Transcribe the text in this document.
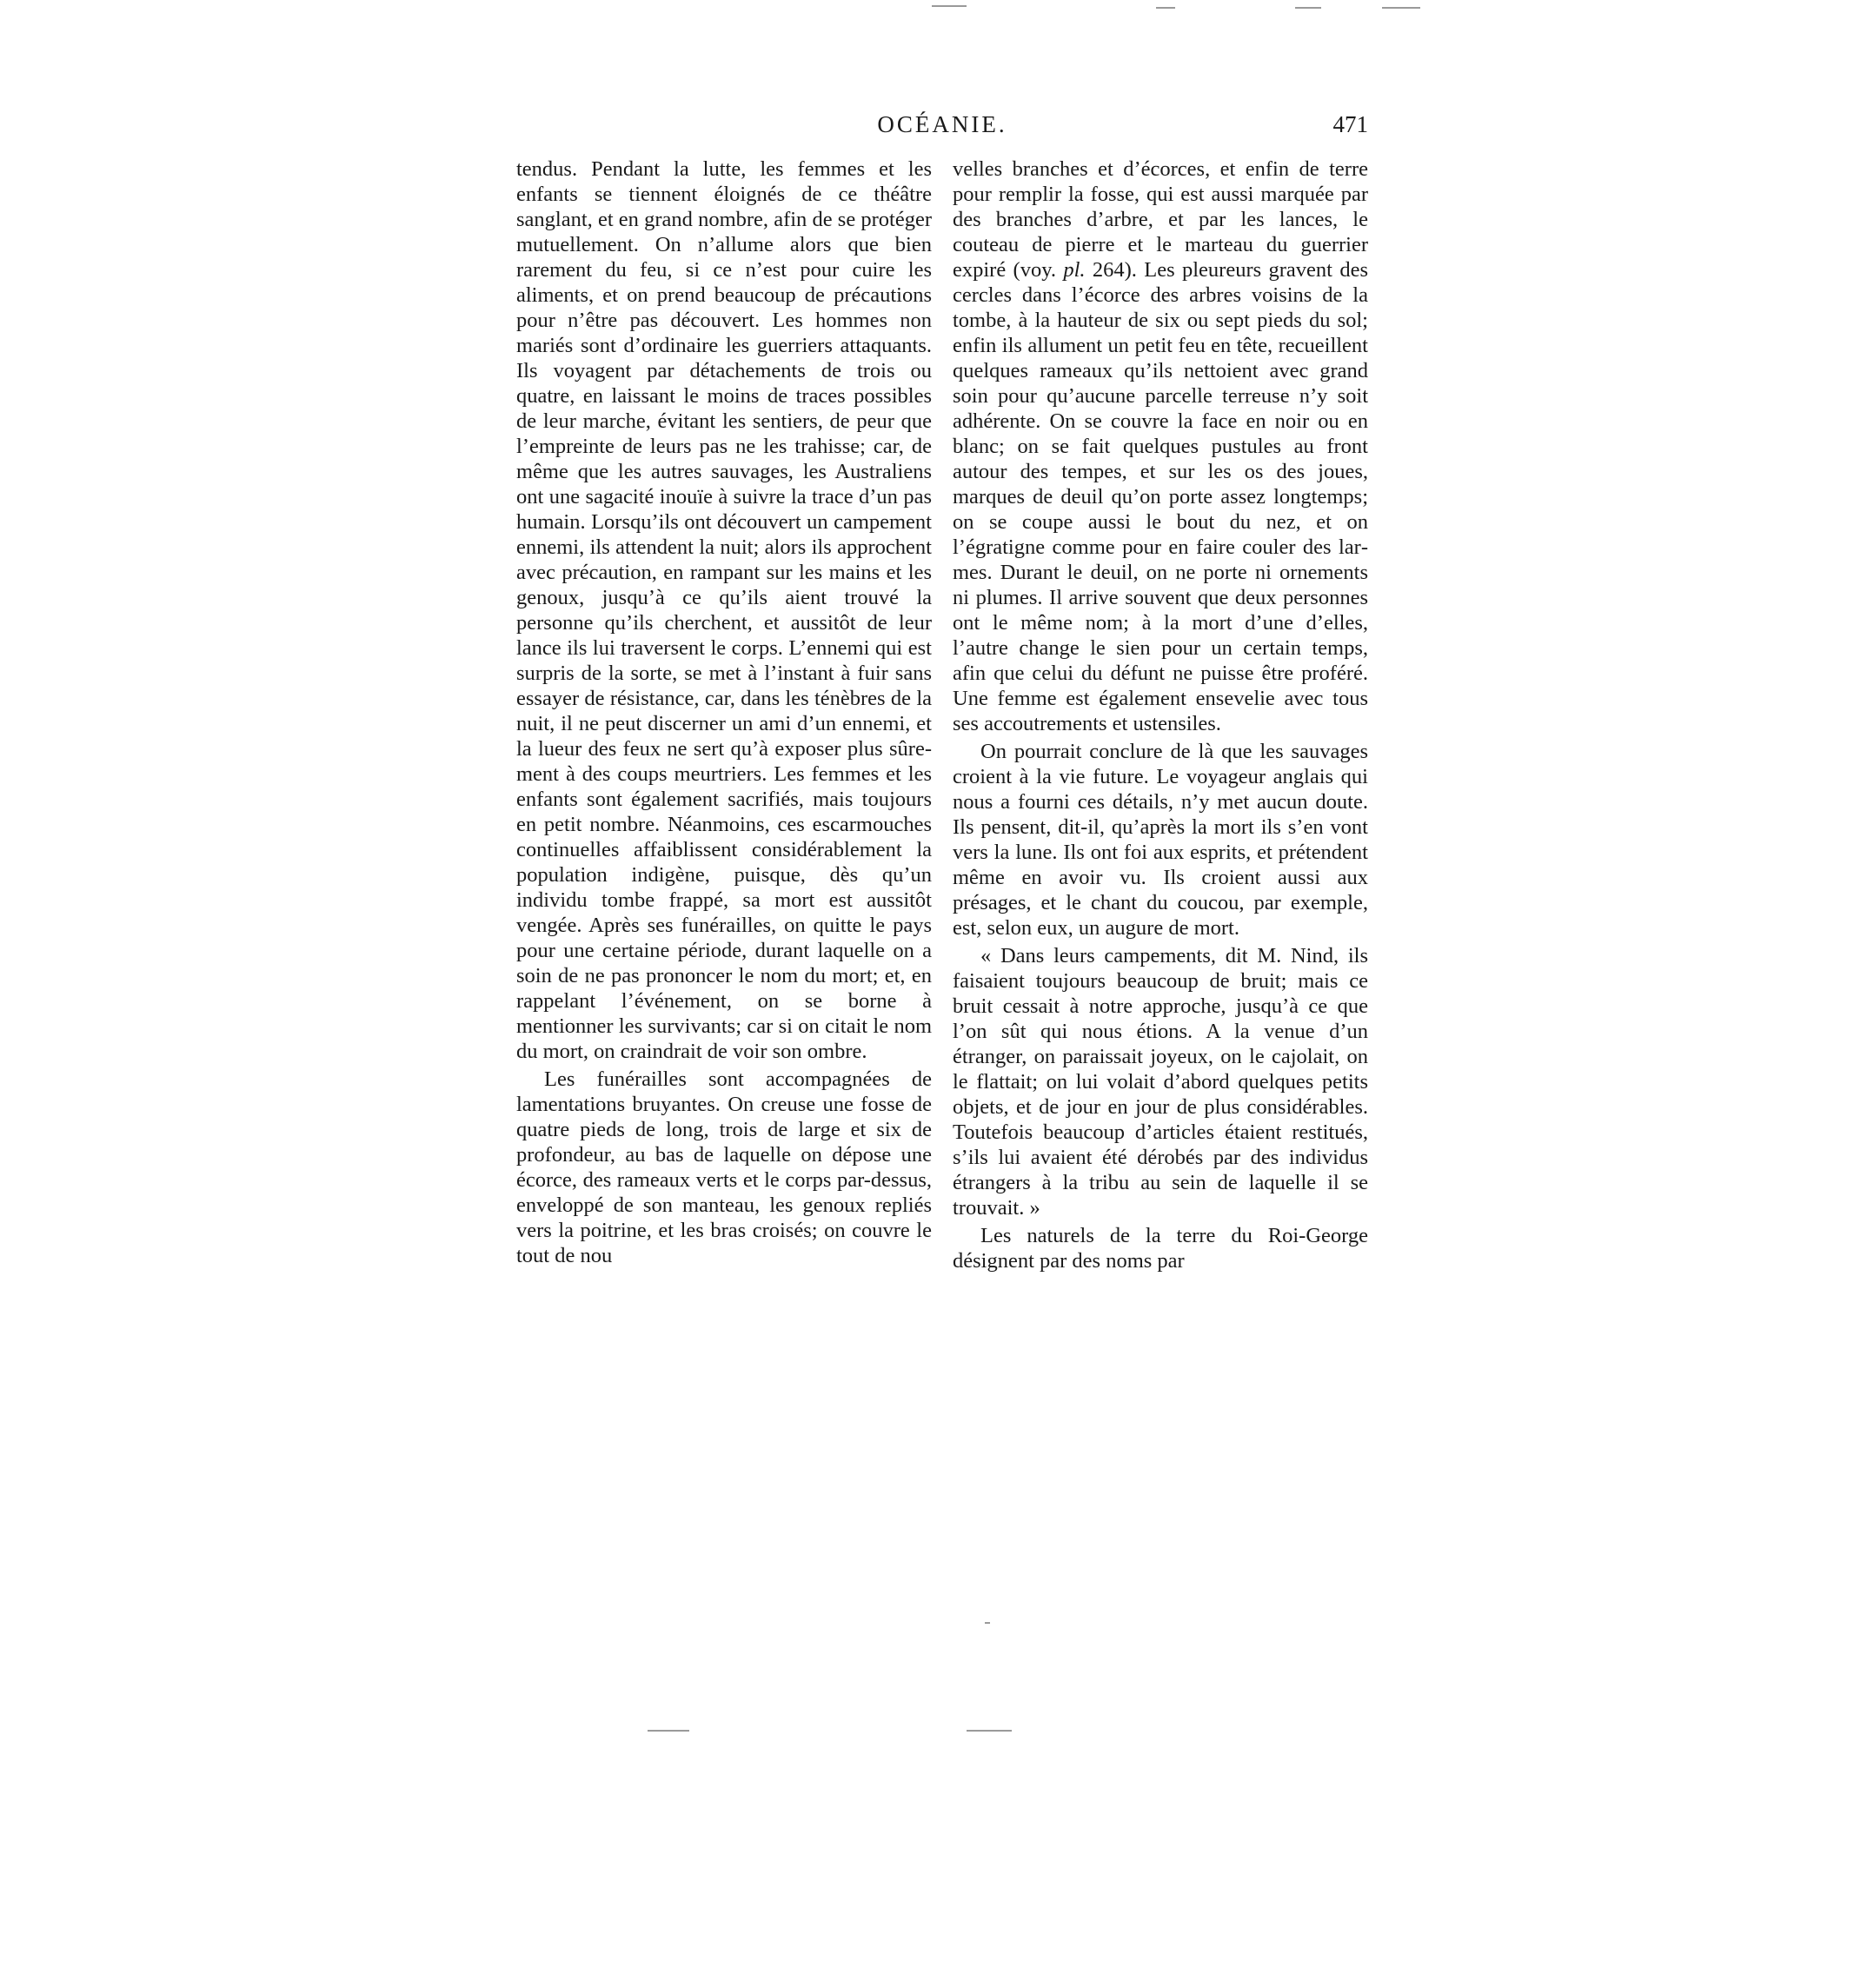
OCÉANIE.	471

tendus. Pendant la lutte, les femmes et les enfants se tiennent éloignés de ce théâtre sanglant, et en grand nombre, afin de se protéger mutuellement. On n’allume alors que bien rarement du feu, si ce n’est pour cuire les aliments, et on prend beaucoup de précautions pour n’être pas découvert. Les hommes non mariés sont d’ordinaire les guerriers attaquants. Ils voyagent par détachements de trois ou quatre, en laissant le moins de traces possibles de leur marche, évitant les sentiers, de peur que l’empreinte de leurs pas ne les trahisse; car, de même que les autres sauvages, les Australiens ont une sagacité inouïe à suivre la trace d’un pas humain. Lorsqu’ils ont découvert un campement ennemi, ils attendent la nuit; alors ils approchent avec précaution, en rampant sur les mains et les genoux, jusqu’à ce qu’ils aient trouvé la personne qu’ils cherchent, et aussitôt de leur lance ils lui traversent le corps. L’ennemi qui est surpris de la sorte, se met à l’instant à fuir sans essayer de résistance, car, dans les ténèbres de la nuit, il ne peut discerner un ami d’un ennemi, et la lueur des feux ne sert qu’à exposer plus sûrement à des coups meurtriers. Les femmes et les enfants sont également sacrifiés, mais toujours en petit nombre. Néanmoins, ces escarmouches continuelles affaiblissent considérablement la population indigène, puisque, dès qu’un individu tombe frappé, sa mort est aussitôt vengée. Après ses funérailles, on quitte le pays pour une certaine période, durant laquelle on a soin de ne pas prononcer le nom du mort; et, en rappelant l’événement, on se borne à mentionner les survivants; car si on citait le nom du mort, on craindrait de voir son ombre.

Les funérailles sont accompagnées de lamentations bruyantes. On creuse une fosse de quatre pieds de long, trois de large et six de profondeur, au bas de laquelle on dépose une écorce, des rameaux verts et le corps par-dessus, enveloppé de son manteau, les genoux repliés vers la poitrine, et les bras croisés; on couvre le tout de nou

velles branches et d’écorces, et enfin de terre pour remplir la fosse, qui est aussi marquée par des branches d’arbre, et par les lances, le couteau de pierre et le marteau du guerrier expiré (voy. pl. 264). Les pleureurs gravent des cercles dans l’écorce des arbres voisins de la tombe, à la hauteur de six ou sept pieds du sol; enfin ils allument un petit feu en tête, recueillent quelques rameaux qu’ils nettoient avec grand soin pour qu’aucune parcelle terreuse n’y soit adhérente. On se couvre la face en noir ou en blanc; on se fait quelques pustules au front autour des tempes, et sur les os des joues, marques de deuil qu’on porte assez longtemps; on se coupe aussi le bout du nez, et on l’égratigne comme pour en faire couler des larmes. Durant le deuil, on ne porte ni ornements ni plumes. Il arrive souvent que deux personnes ont le même nom; à la mort d’une d’elles, l’autre change le sien pour un certain temps, afin que celui du défunt ne puisse être proféré. Une femme est également ensevelie avec tous ses accoutrements et ustensiles.

On pourrait conclure de là que les sauvages croient à la vie future. Le voyageur anglais qui nous a fourni ces détails, n’y met aucun doute. Ils pensent, dit-il, qu’après la mort ils s’en vont vers la lune. Ils ont foi aux esprits, et prétendent même en avoir vu. Ils croient aussi aux présages, et le chant du coucou, par exemple, est, selon eux, un augure de mort.

« Dans leurs campements, dit M. Nind, ils faisaient toujours beaucoup de bruit; mais ce bruit cessait à notre approche, jusqu’à ce que l’on sût qui nous étions. A la venue d’un étranger, on paraissait joyeux, on le cajolait, on le flattait; on lui volait d’abord quelques petits objets, et de jour en jour de plus considérables. Toutefois beaucoup d’articles étaient restitués, s’ils lui avaient été dérobés par des individus étrangers à la tribu au sein de laquelle il se trouvait. »

Les naturels de la terre du Roi-George désignent par des noms par
